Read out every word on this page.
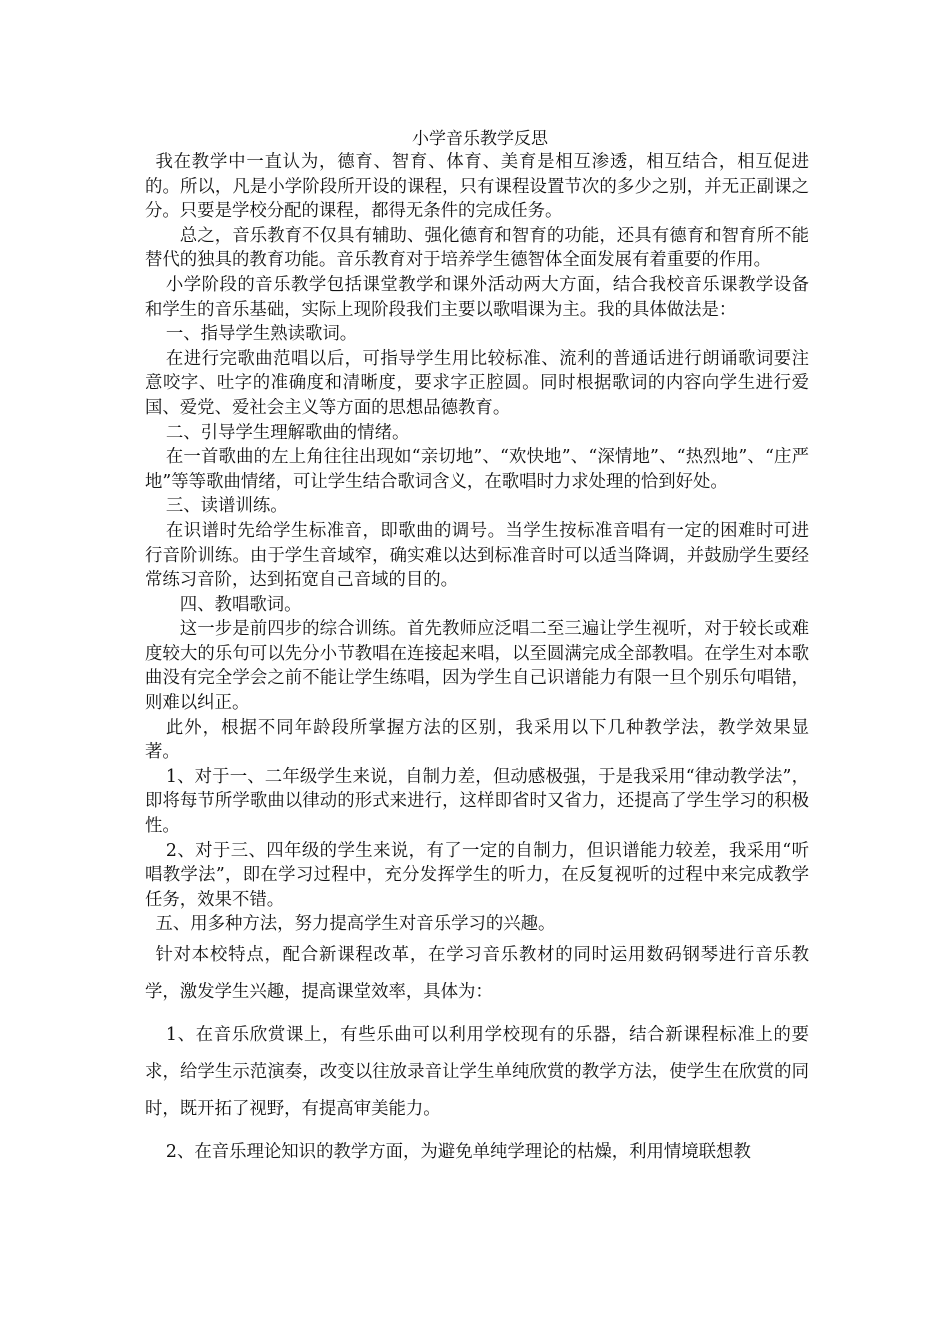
小学音乐教学反思

我在教学中一直认为，德育、智育、体育、美育是相互渗透，相互结合，相互促进的。所以，凡是小学阶段所开设的课程，只有课程设置节次的多少之别，并无正副课之分。只要是学校分配的课程，都得无条件的完成任务。

总之，音乐教育不仅具有辅助、强化德育和智育的功能，还具有德育和智育所不能替代的独具的教育功能。音乐教育对于培养学生德智体全面发展有着重要的作用。

小学阶段的音乐教学包括课堂教学和课外活动两大方面，结合我校音乐课教学设备和学生的音乐基础，实际上现阶段我们主要以歌唱课为主。我的具体做法是：

一、指导学生熟读歌词。

在进行完歌曲范唱以后，可指导学生用比较标准、流利的普通话进行朗诵歌词要注意咬字、吐字的准确度和清晰度，要求字正腔圆。同时根据歌词的内容向学生进行爱国、爱党、爱社会主义等方面的思想品德教育。

二、引导学生理解歌曲的情绪。

在一首歌曲的左上角往往出现如“亲切地”、“欢快地”、“深情地”、“热烈地”、“庄严地”等等歌曲情绪，可让学生结合歌词含义，在歌唱时力求处理的恰到好处。

三、读谱训练。

在识谱时先给学生标准音，即歌曲的调号。当学生按标准音唱有一定的困难时可进行音阶训练。由于学生音域窄，确实难以达到标准音时可以适当降调，并鼓励学生要经常练习音阶，达到拓宽自己音域的目的。

四、教唱歌词。

这一步是前四步的综合训练。首先教师应泛唱二至三遍让学生视听，对于较长或难度较大的乐句可以先分小节教唱在连接起来唱，以至圆满完成全部教唱。在学生对本歌曲没有完全学会之前不能让学生练唱，因为学生自己识谱能力有限一旦个别乐句唱错，则难以纠正。

此外，根据不同年龄段所掌握方法的区别，我采用以下几种教学法，教学效果显著。

1、对于一、二年级学生来说，自制力差，但动感极强，于是我采用“律动教学法”，即将每节所学歌曲以律动的形式来进行，这样即省时又省力，还提高了学生学习的积极性。

2、对于三、四年级的学生来说，有了一定的自制力，但识谱能力较差，我采用“听唱教学法”，即在学习过程中，充分发挥学生的听力，在反复视听的过程中来完成教学任务，效果不错。

五、用多种方法，努力提高学生对音乐学习的兴趣。

针对本校特点，配合新课程改革，在学习音乐教材的同时运用数码钢琴进行音乐教学，激发学生兴趣，提高课堂效率，具体为：

1、在音乐欣赏课上，有些乐曲可以利用学校现有的乐器，结合新课程标准上的要求，给学生示范演奏，改变以往放录音让学生单纯欣赏的教学方法，使学生在欣赏的同时，既开拓了视野，有提高审美能力。

2、在音乐理论知识的教学方面，为避免单纯学理论的枯燥，利用情境联想教
